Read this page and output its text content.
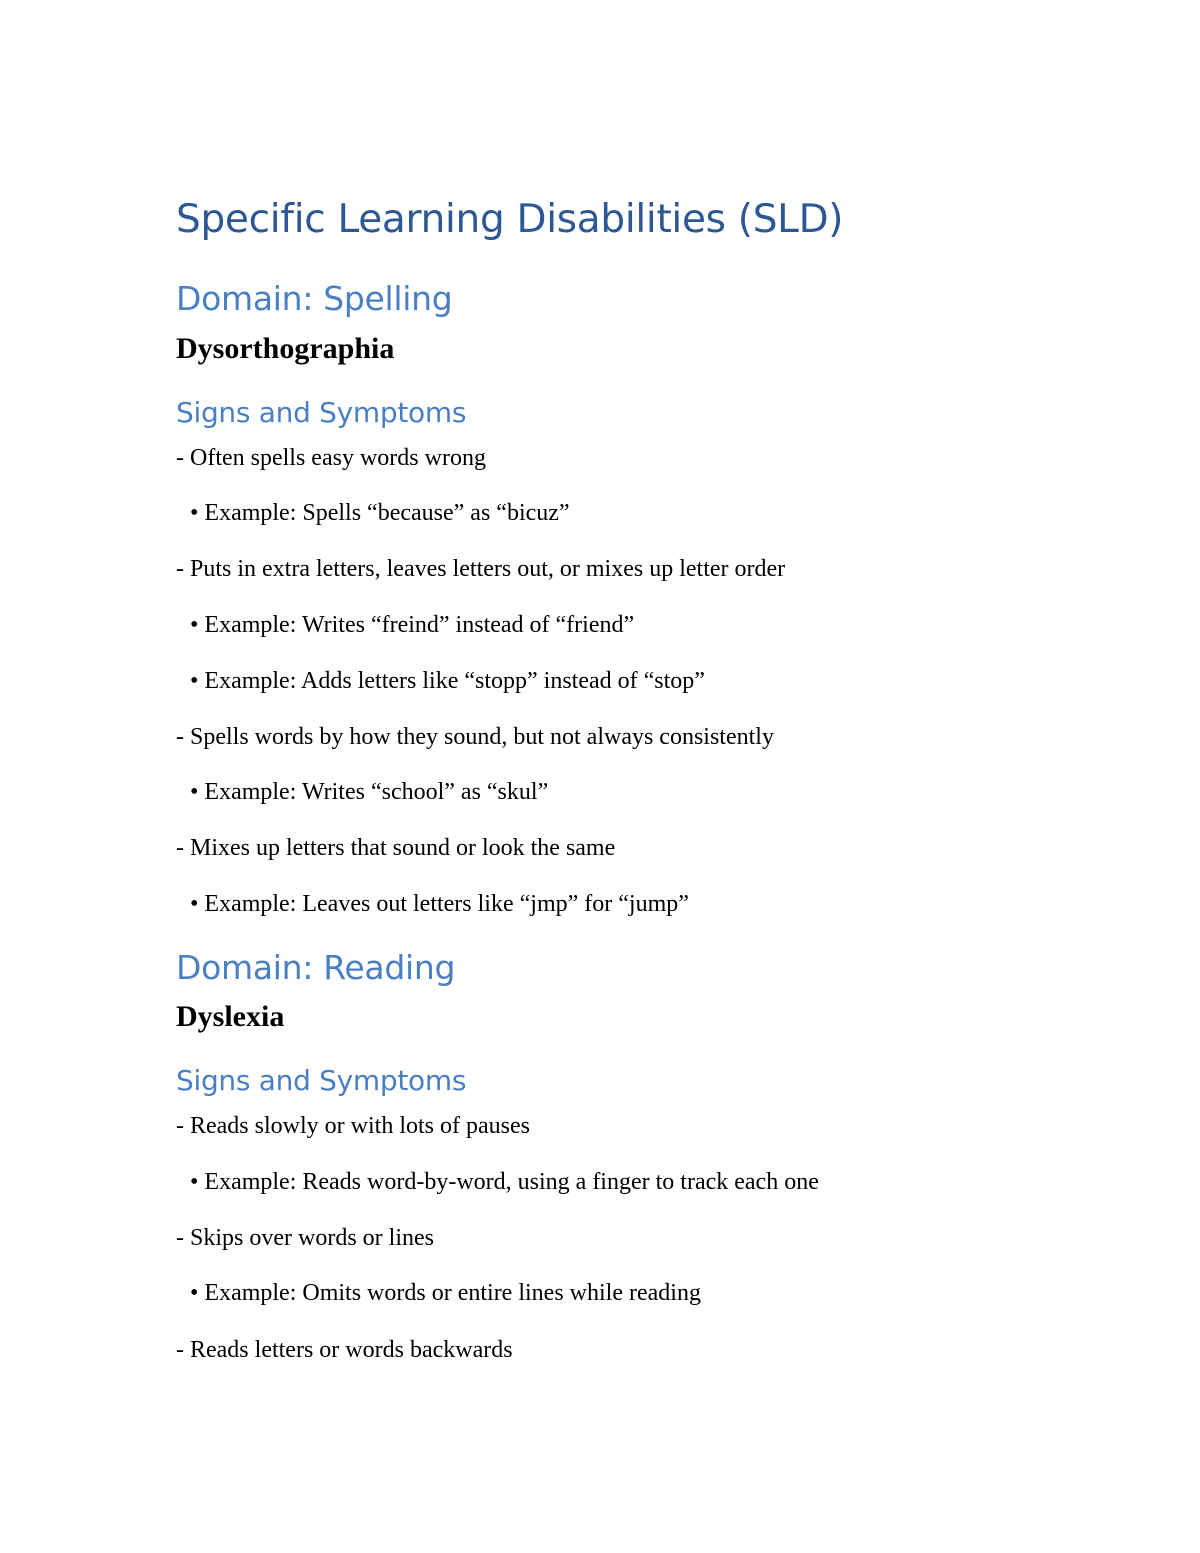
Specific Learning Disabilities (SLD)
Domain: Spelling

Dysorthographia

Signs and Symptoms

- Often spells easy words wrong

• Example: Spells “because” as “bicuz”

- Puts in extra letters, leaves letters out, or mixes up letter order

• Example: Writes “freind” instead of “friend”

• Example: Adds letters like “stopp” instead of “stop”

- Spells words by how they sound, but not always consistently

• Example: Writes “school” as “skul”

- Mixes up letters that sound or look the same

• Example: Leaves out letters like “jmp” for “jump”

Domain: Reading

Dyslexia

Signs and Symptoms

- Reads slowly or with lots of pauses

• Example: Reads word-by-word, using a finger to track each one

- Skips over words or lines

• Example: Omits words or entire lines while reading

- Reads letters or words backwards
